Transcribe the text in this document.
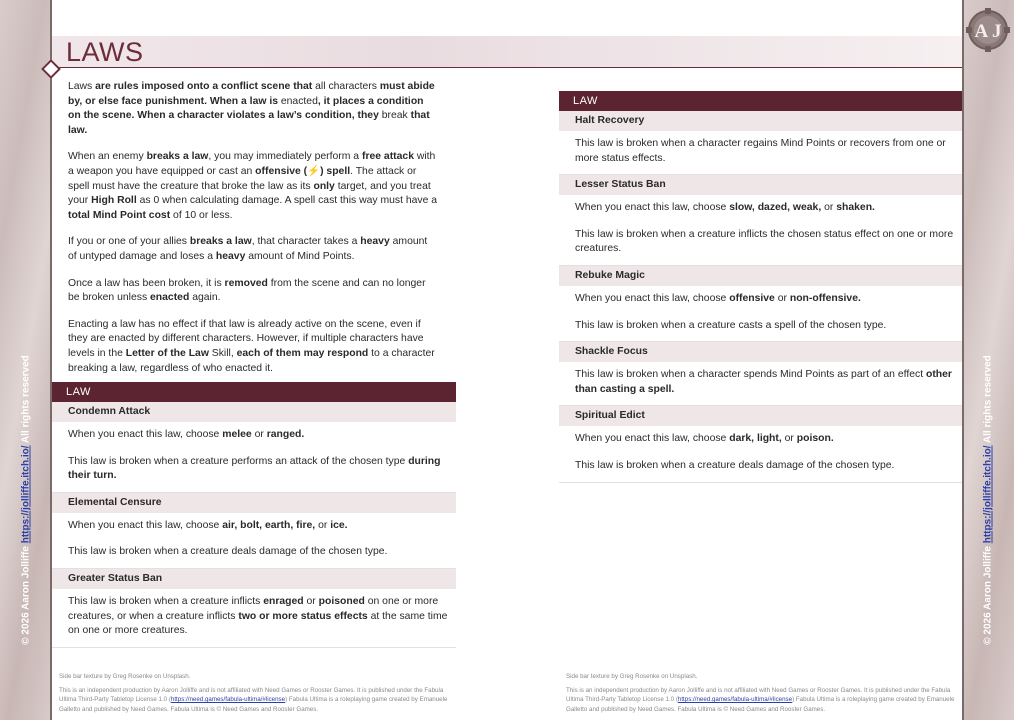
© 2026 Aaron Jolliffe https://jolliffe.itch.io/ All rights reserved
© 2026 Aaron Jolliffe https://jolliffe.itch.io/ All rights reserved
A J
LAWS

Laws are rules imposed onto a conflict scene that all characters must abide by, or else face punishment. When a law is enacted, it places a condition on the scene. When a character violates a law’s condition, they break that law.

When an enemy breaks a law, you may immediately perform a free attack with a weapon you have equipped or cast an offensive (⚡) spell. The attack or spell must have the creature that broke the law as its only target, and you treat your High Roll as 0 when calculating damage. A spell cast this way must have a total Mind Point cost of 10 or less.

If you or one of your allies breaks a law, that character takes a heavy amount of untyped damage and loses a heavy amount of Mind Points.

Once a law has been broken, it is removed from the scene and can no longer be broken unless enacted again.

Enacting a law has no effect if that law is already active on the scene, even if they are enacted by different characters. However, if multiple characters have levels in the Letter of the Law Skill, each of them may respond to a character breaking a law, regardless of who enacted it.

LAW
Condemn Attack

When you enact this law, choose melee or ranged.

This law is broken when a creature performs an attack of the chosen type during their turn.

Elemental Censure

When you enact this law, choose air, bolt, earth, fire, or ice.

This law is broken when a creature deals damage of the chosen type.

Greater Status Ban

This law is broken when a creature inflicts enraged or poisoned on one or more creatures, or when a creature inflicts two or more status effects at the same time on one or more creatures.

LAW
Halt Recovery

This law is broken when a character regains Mind Points or recovers from one or more status effects.

Lesser Status Ban

When you enact this law, choose slow, dazed, weak, or shaken.

This law is broken when a creature inflicts the chosen status effect on one or more creatures.

Rebuke Magic

When you enact this law, choose offensive or non-offensive.

This law is broken when a creature casts a spell of the chosen type.

Shackle Focus

This law is broken when a character spends Mind Points as part of an effect other than casting a spell.

Spiritual Edict

When you enact this law, choose dark, light, or poison.

This law is broken when a creature deals damage of the chosen type.

Side bar texture by Greg Rosenke on Unsplash.
This is an independent production by Aaron Jolliffe and is not affiliated with Need Games or Rooster Games. It is published under the Fabula Ultima Third-Party Tabletop License 1.0 (https://need.games/fabula-ultima/#license) Fabula Ultima is a roleplaying game created by Emanuele Galletto and published by Need Games. Fabula Ultima is © Need Games and Rooster Games.
Side bar texture by Greg Rosenke on Unsplash.
This is an independent production by Aaron Jolliffe and is not affiliated with Need Games or Rooster Games. It is published under the Fabula Ultima Third-Party Tabletop License 1.0 (https://need.games/fabula-ultima/#license) Fabula Ultima is a roleplaying game created by Emanuele Galletto and published by Need Games. Fabula Ultima is © Need Games and Rooster Games.
